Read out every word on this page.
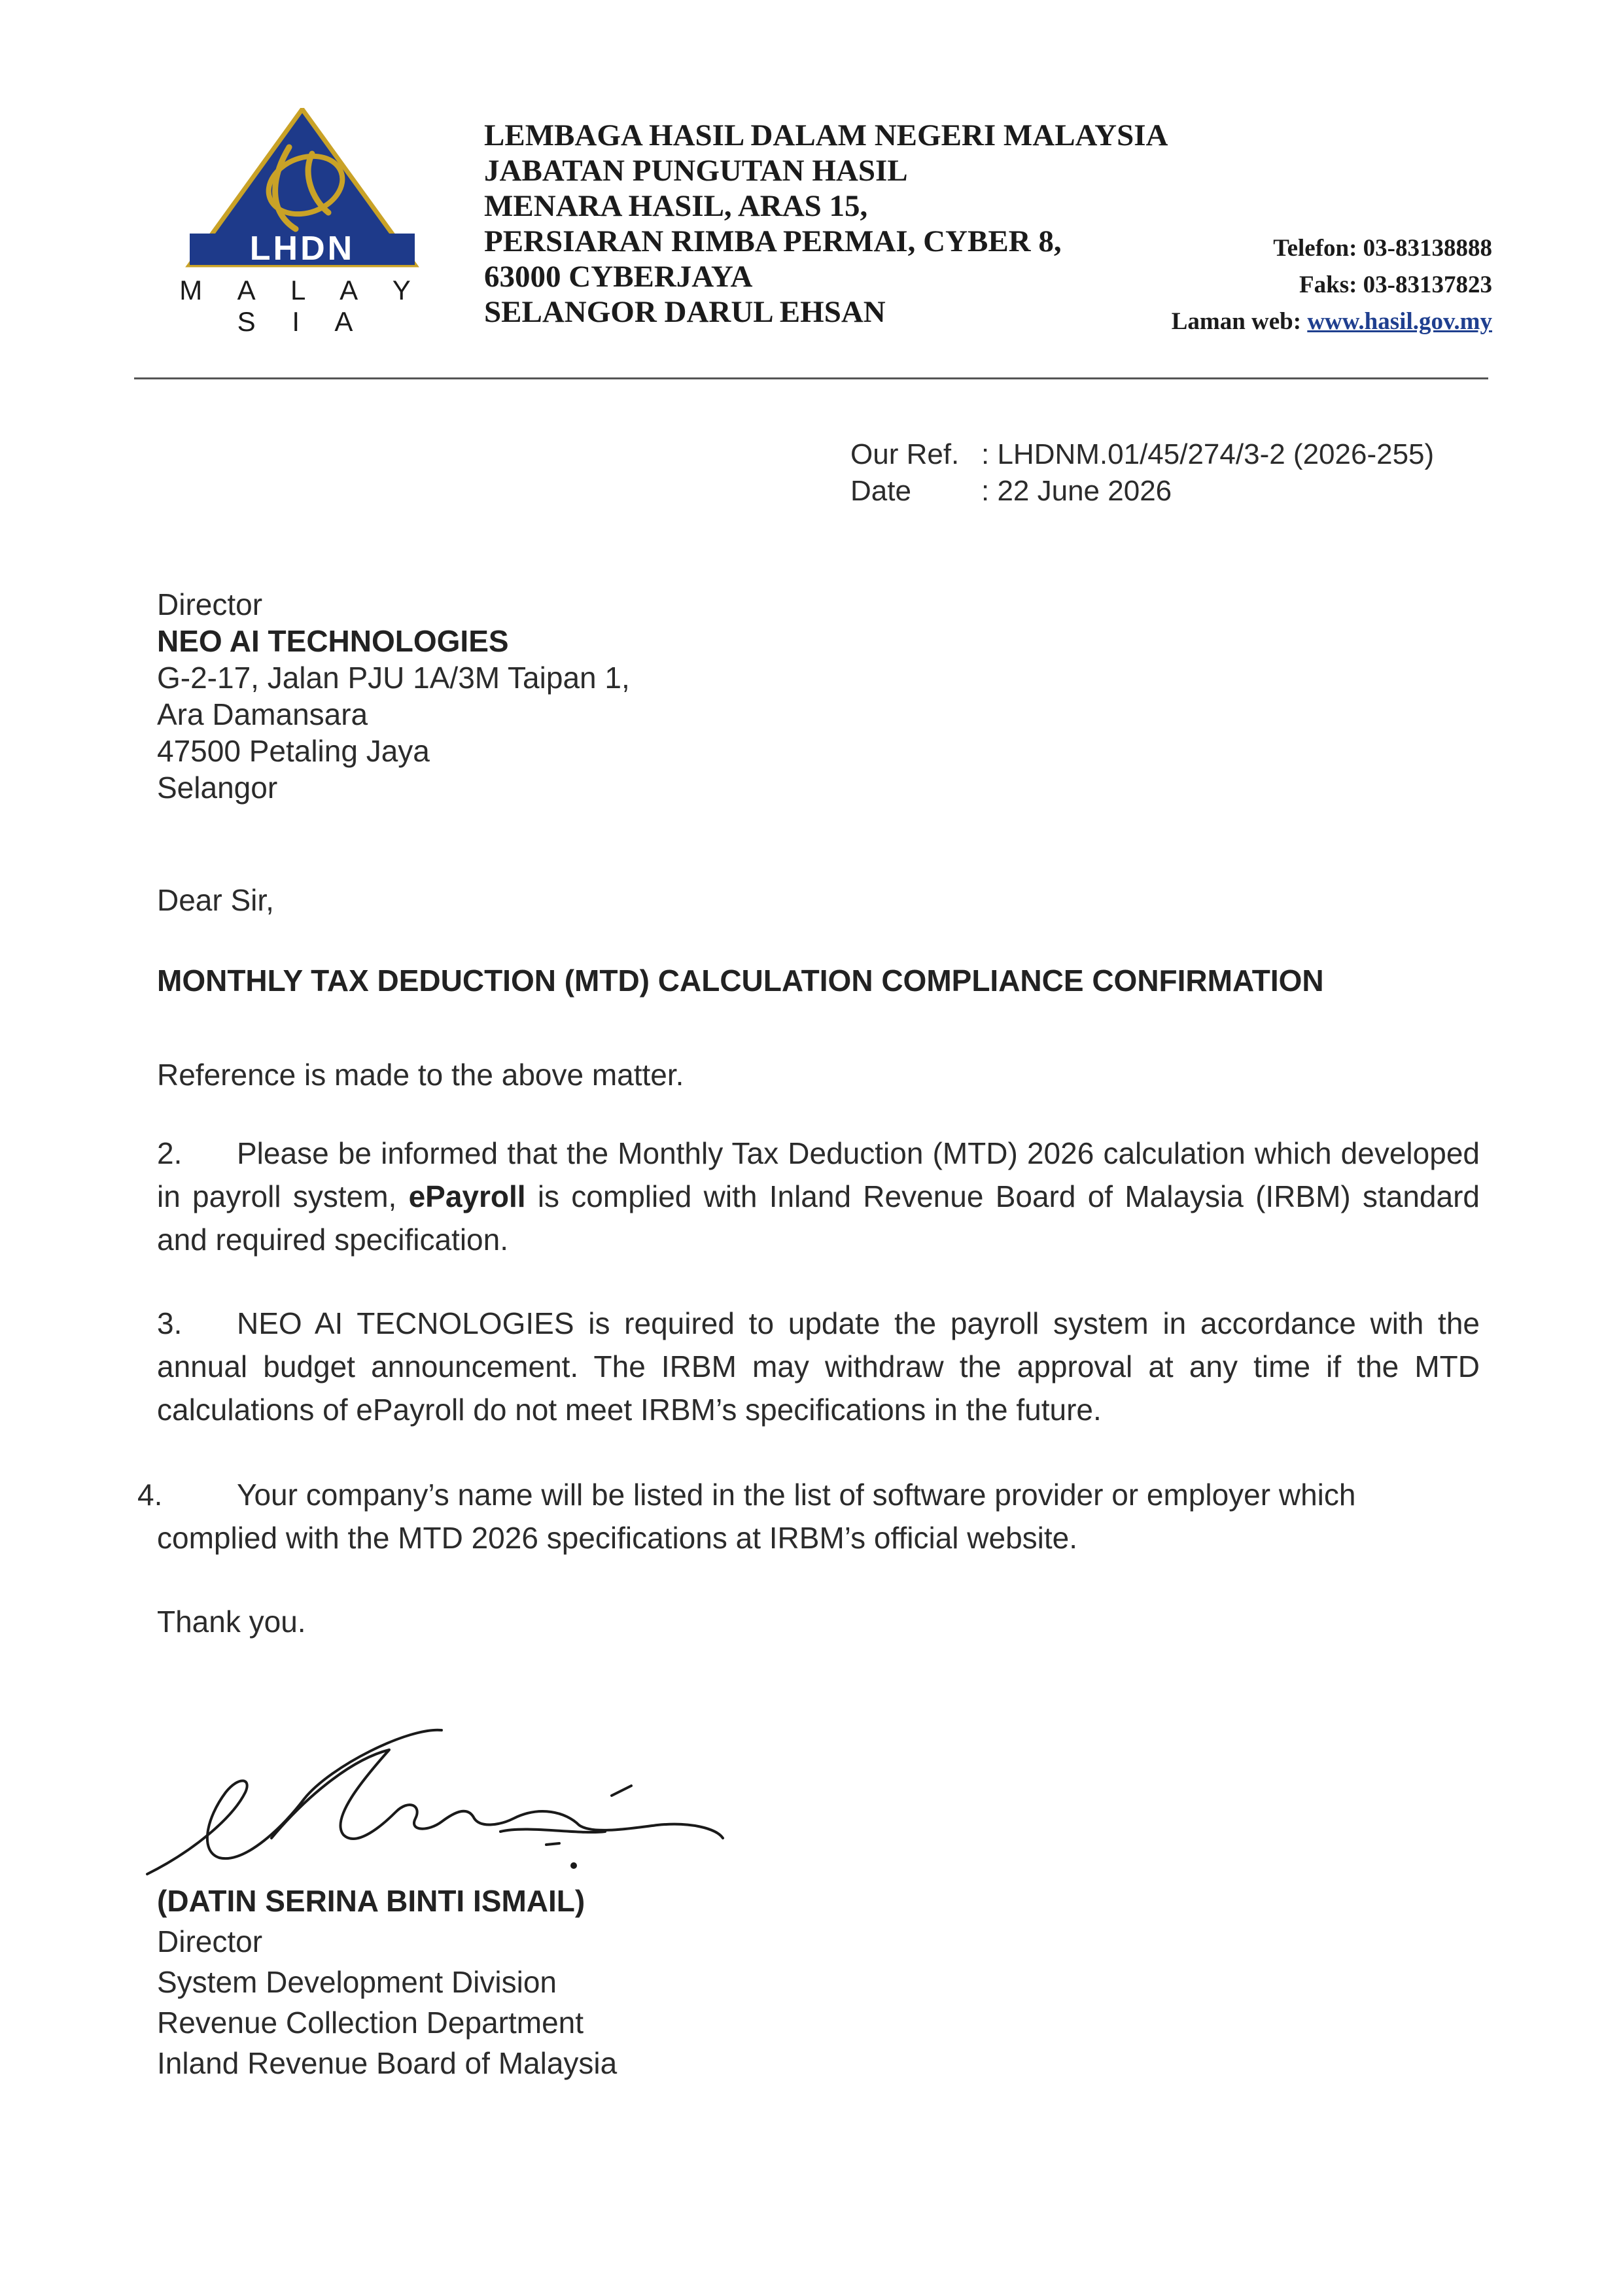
LHDN
M A L A Y S I A
LEMBAGA HASIL DALAM NEGERI MALAYSIA
JABATAN PUNGUTAN HASIL
MENARA HASIL, ARAS 15,
PERSIARAN RIMBA PERMAI, CYBER 8,
63000 CYBERJAYA
SELANGOR DARUL EHSAN
Telefon: 03-83138888
Faks: 03-83137823
Laman web: www.hasil.gov.my
Our Ref. : LHDNM.01/45/274/3-2 (2026-255)
Date	: 22 June 2026
Director
NEO AI TECHNOLOGIES
G-2-17, Jalan PJU 1A/3M Taipan 1,
Ara Damansara
47500 Petaling Jaya
Selangor
Dear Sir,
MONTHLY TAX DEDUCTION (MTD) CALCULATION COMPLIANCE CONFIRMATION
Reference is made to the above matter.
2. Please be informed that the Monthly Tax Deduction (MTD) 2026 calculation which developed in payroll system, ePayroll is complied with Inland Revenue Board of Malaysia (IRBM) standard and required specification.
3. NEO AI TECNOLOGIES is required to update the payroll system in accordance with the annual budget announcement. The IRBM may withdraw the approval at any time if the MTD calculations of ePayroll do not meet IRBM’s specifications in the future.
4. Your company’s name will be listed in the list of software provider or employer which
complied with the MTD 2026 specifications at IRBM’s official website.
Thank you.
(DATIN SERINA BINTI ISMAIL)
Director
System Development Division
Revenue Collection Department
Inland Revenue Board of Malaysia
